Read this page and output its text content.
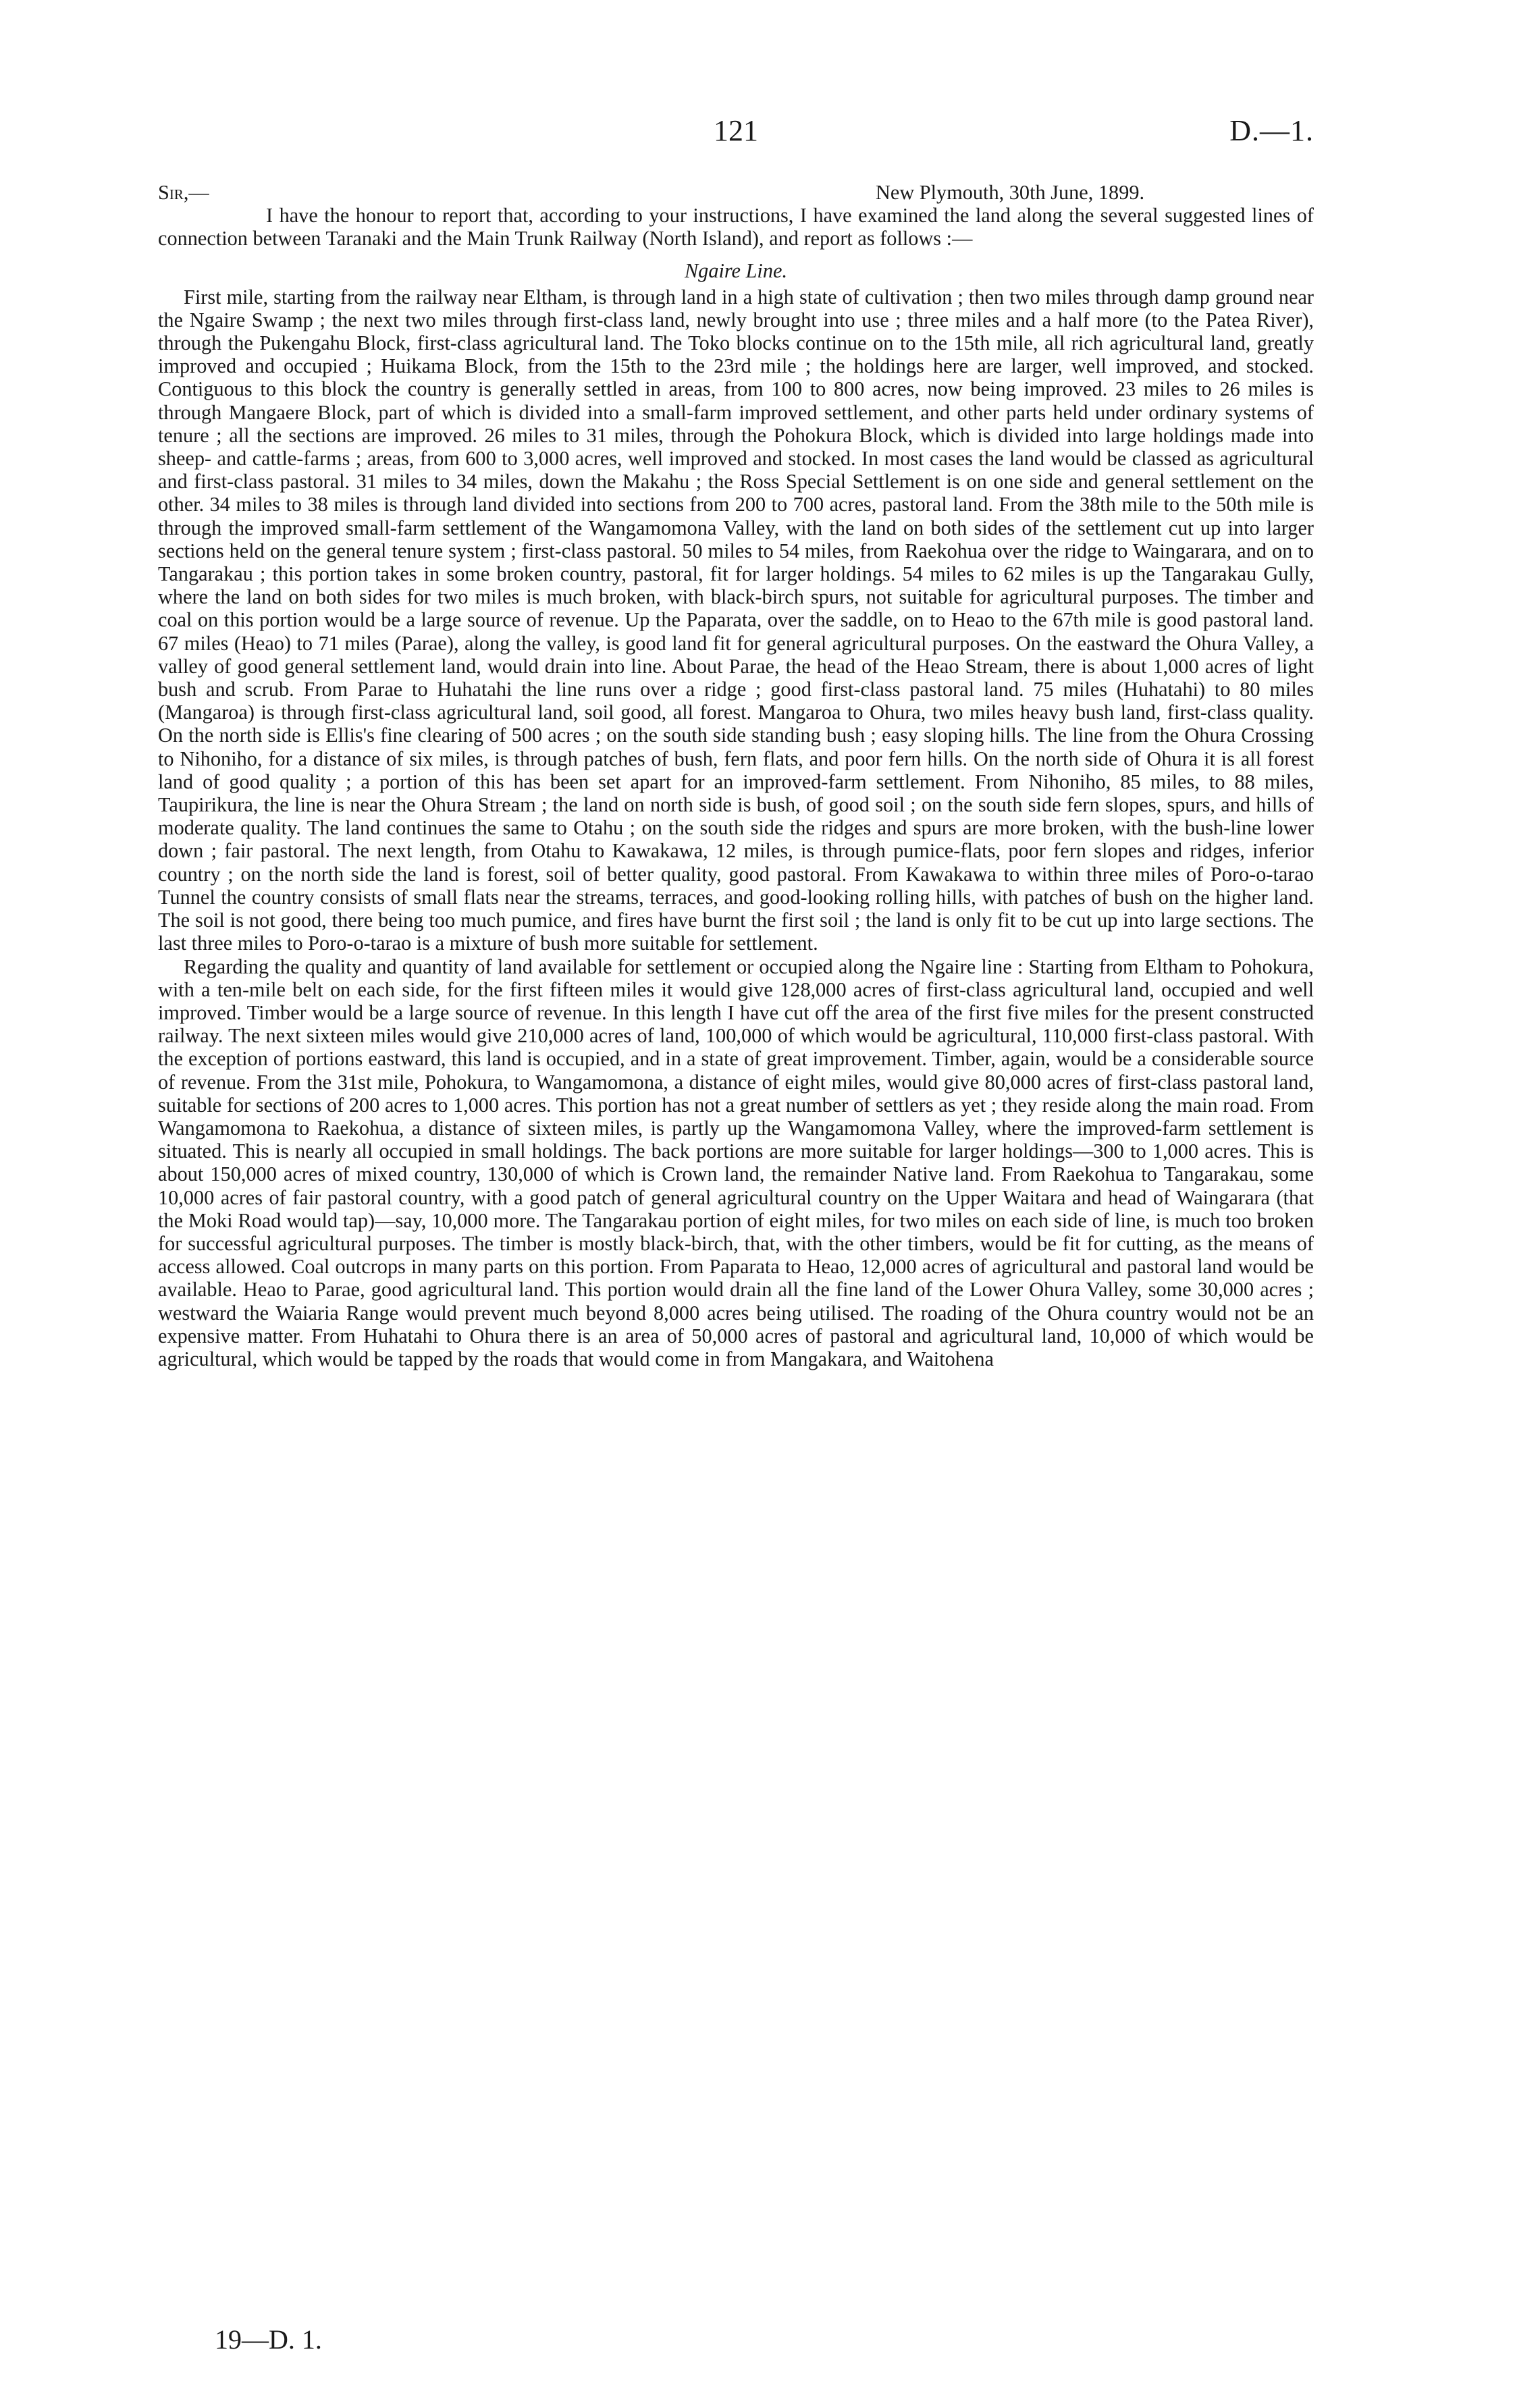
121	D.—1.
Sir,—	New Plymouth, 30th June, 1899.

I have the honour to report that, according to your instructions, I have examined the land along the several suggested lines of connection between Taranaki and the Main Trunk Railway (North Island), and report as follows :—

Ngaire Line.

First mile, starting from the railway near Eltham, is through land in a high state of cultivation ; then two miles through damp ground near the Ngaire Swamp ; the next two miles through first-class land, newly brought into use ; three miles and a half more (to the Patea River), through the Pukengahu Block, first-class agricultural land. The Toko blocks continue on to the 15th mile, all rich agricultural land, greatly improved and occupied ; Huikama Block, from the 15th to the 23rd mile ; the holdings here are larger, well improved, and stocked. Contiguous to this block the country is generally settled in areas, from 100 to 800 acres, now being improved. 23 miles to 26 miles is through Mangaere Block, part of which is divided into a small-farm improved settlement, and other parts held under ordinary systems of tenure ; all the sections are improved. 26 miles to 31 miles, through the Pohokura Block, which is divided into large holdings made into sheep- and cattle-farms ; areas, from 600 to 3,000 acres, well improved and stocked. In most cases the land would be classed as agricultural and first-class pastoral. 31 miles to 34 miles, down the Makahu ; the Ross Special Settlement is on one side and general settlement on the other. 34 miles to 38 miles is through land divided into sections from 200 to 700 acres, pastoral land. From the 38th mile to the 50th mile is through the improved small-farm settlement of the Wangamomona Valley, with the land on both sides of the settlement cut up into larger sections held on the general tenure system ; first-class pastoral. 50 miles to 54 miles, from Raekohua over the ridge to Waingarara, and on to Tangarakau ; this portion takes in some broken country, pastoral, fit for larger holdings. 54 miles to 62 miles is up the Tangarakau Gully, where the land on both sides for two miles is much broken, with black-birch spurs, not suitable for agricultural purposes. The timber and coal on this portion would be a large source of revenue. Up the Paparata, over the saddle, on to Heao to the 67th mile is good pastoral land. 67 miles (Heao) to 71 miles (Parae), along the valley, is good land fit for general agricultural purposes. On the eastward the Ohura Valley, a valley of good general settlement land, would drain into line. About Parae, the head of the Heao Stream, there is about 1,000 acres of light bush and scrub. From Parae to Huhatahi the line runs over a ridge ; good first-class pastoral land. 75 miles (Huhatahi) to 80 miles (Mangaroa) is through first-class agricultural land, soil good, all forest. Mangaroa to Ohura, two miles heavy bush land, first-class quality. On the north side is Ellis's fine clearing of 500 acres ; on the south side standing bush ; easy sloping hills. The line from the Ohura Crossing to Nihoniho, for a distance of six miles, is through patches of bush, fern flats, and poor fern hills. On the north side of Ohura it is all forest land of good quality ; a portion of this has been set apart for an improved-farm settlement. From Nihoniho, 85 miles, to 88 miles, Taupirikura, the line is near the Ohura Stream ; the land on north side is bush, of good soil ; on the south side fern slopes, spurs, and hills of moderate quality. The land continues the same to Otahu ; on the south side the ridges and spurs are more broken, with the bush-line lower down ; fair pastoral. The next length, from Otahu to Kawakawa, 12 miles, is through pumice-flats, poor fern slopes and ridges, inferior country ; on the north side the land is forest, soil of better quality, good pastoral. From Kawakawa to within three miles of Poro-o-tarao Tunnel the country consists of small flats near the streams, terraces, and good-looking rolling hills, with patches of bush on the higher land. The soil is not good, there being too much pumice, and fires have burnt the first soil ; the land is only fit to be cut up into large sections. The last three miles to Poro-o-tarao is a mixture of bush more suitable for settlement.

Regarding the quality and quantity of land available for settlement or occupied along the Ngaire line : Starting from Eltham to Pohokura, with a ten-mile belt on each side, for the first fifteen miles it would give 128,000 acres of first-class agricultural land, occupied and well improved. Timber would be a large source of revenue. In this length I have cut off the area of the first five miles for the present constructed railway. The next sixteen miles would give 210,000 acres of land, 100,000 of which would be agricultural, 110,000 first-class pastoral. With the exception of portions eastward, this land is occupied, and in a state of great improvement. Timber, again, would be a considerable source of revenue. From the 31st mile, Pohokura, to Wangamomona, a distance of eight miles, would give 80,000 acres of first-class pastoral land, suitable for sections of 200 acres to 1,000 acres. This portion has not a great number of settlers as yet ; they reside along the main road. From Wangamomona to Raekohua, a distance of sixteen miles, is partly up the Wangamomona Valley, where the improved-farm settlement is situated. This is nearly all occupied in small holdings. The back portions are more suitable for larger holdings—300 to 1,000 acres. This is about 150,000 acres of mixed country, 130,000 of which is Crown land, the remainder Native land. From Raekohua to Tangarakau, some 10,000 acres of fair pastoral country, with a good patch of general agricultural country on the Upper Waitara and head of Waingarara (that the Moki Road would tap)—say, 10,000 more. The Tangarakau portion of eight miles, for two miles on each side of line, is much too broken for successful agricultural purposes. The timber is mostly black-birch, that, with the other timbers, would be fit for cutting, as the means of access allowed. Coal outcrops in many parts on this portion. From Paparata to Heao, 12,000 acres of agricultural and pastoral land would be available. Heao to Parae, good agricultural land. This portion would drain all the fine land of the Lower Ohura Valley, some 30,000 acres ; westward the Waiaria Range would prevent much beyond 8,000 acres being utilised. The roading of the Ohura country would not be an expensive matter. From Huhatahi to Ohura there is an area of 50,000 acres of pastoral and agricultural land, 10,000 of which would be agricultural, which would be tapped by the roads that would come in from Mangakara, and Waitohena

19—D. 1.
